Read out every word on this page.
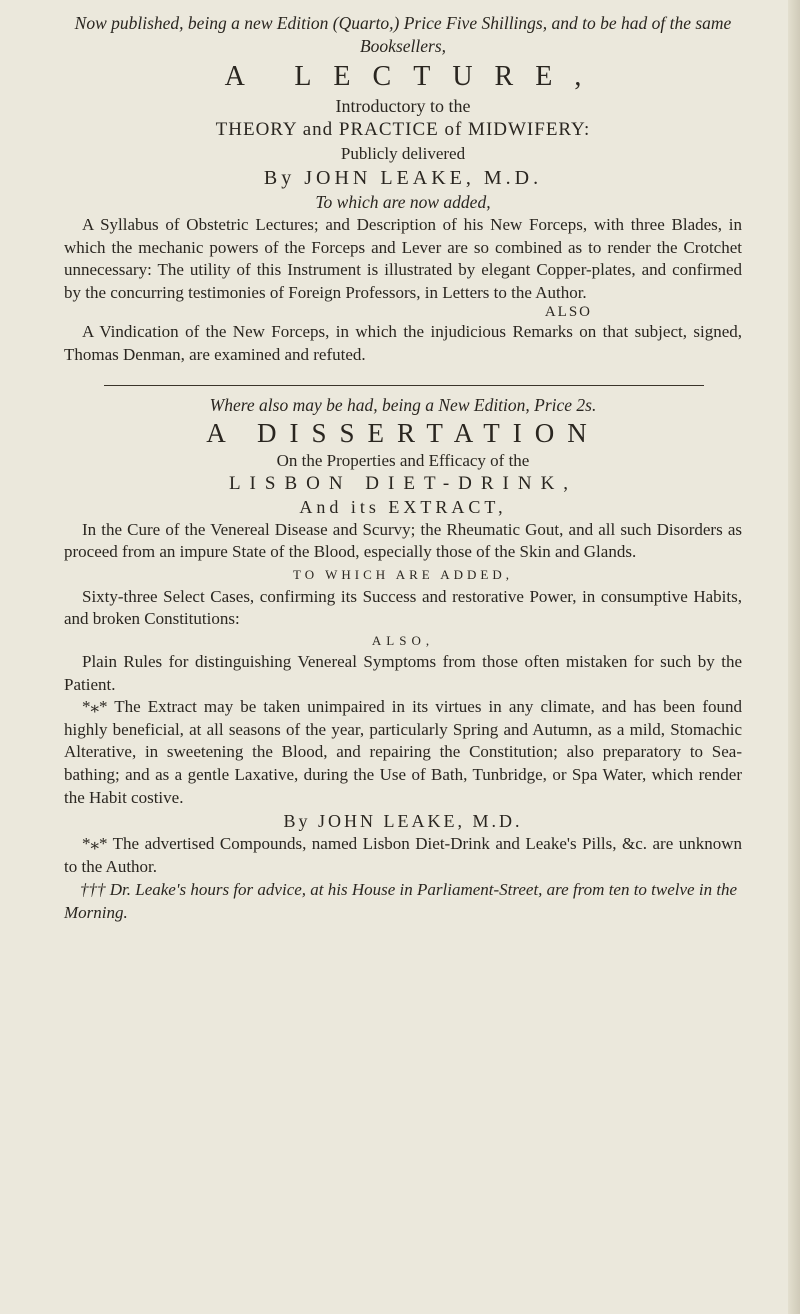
Now published, being a new Edition (Quarto,) Price Five Shillings, and to be had of the same Booksellers,

A LECTURE,

Introductory to the

THEORY and PRACTICE of MIDWIFERY:

Publicly delivered

By JOHN LEAKE, M.D.

To which are now added,

A Syllabus of Obstetric Lectures; and Description of his New Forceps, with three Blades, in which the mechanic powers of the Forceps and Lever are so combined as to render the Crotchet unnecessary: The utility of this Instrument is illustrated by elegant Copper-plates, and confirmed by the concurring testimonies of Foreign Professors, in Letters to the Author.

ALSO

A Vindication of the New Forceps, in which the injudicious Remarks on that subject, signed, Thomas Denman, are examined and refuted.

Where also may be had, being a New Edition, Price 2s.

A DISSERTATION

On the Properties and Efficacy of the

LISBON DIET-DRINK,

And its EXTRACT,

In the Cure of the Venereal Disease and Scurvy; the Rheumatic Gout, and all such Disorders as proceed from an impure State of the Blood, especially those of the Skin and Glands.

TO WHICH ARE ADDED,

Sixty-three Select Cases, confirming its Success and restorative Power, in consumptive Habits, and broken Constitutions:

ALSO,

Plain Rules for distinguishing Venereal Symptoms from those often mistaken for such by the Patient.

*⁎* The Extract may be taken unimpaired in its virtues in any climate, and has been found highly beneficial, at all seasons of the year, particularly Spring and Autumn, as a mild, Stomachic Alterative, in sweetening the Blood, and repairing the Constitution; also preparatory to Sea-bathing; and as a gentle Laxative, during the Use of Bath, Tunbridge, or Spa Water, which render the Habit costive.

By JOHN LEAKE, M.D.

*⁎* The advertised Compounds, named Lisbon Diet-Drink and Leake's Pills, &c. are unknown to the Author.

††† Dr. Leake's hours for advice, at his House in Parliament-Street, are from ten to twelve in the Morning.
